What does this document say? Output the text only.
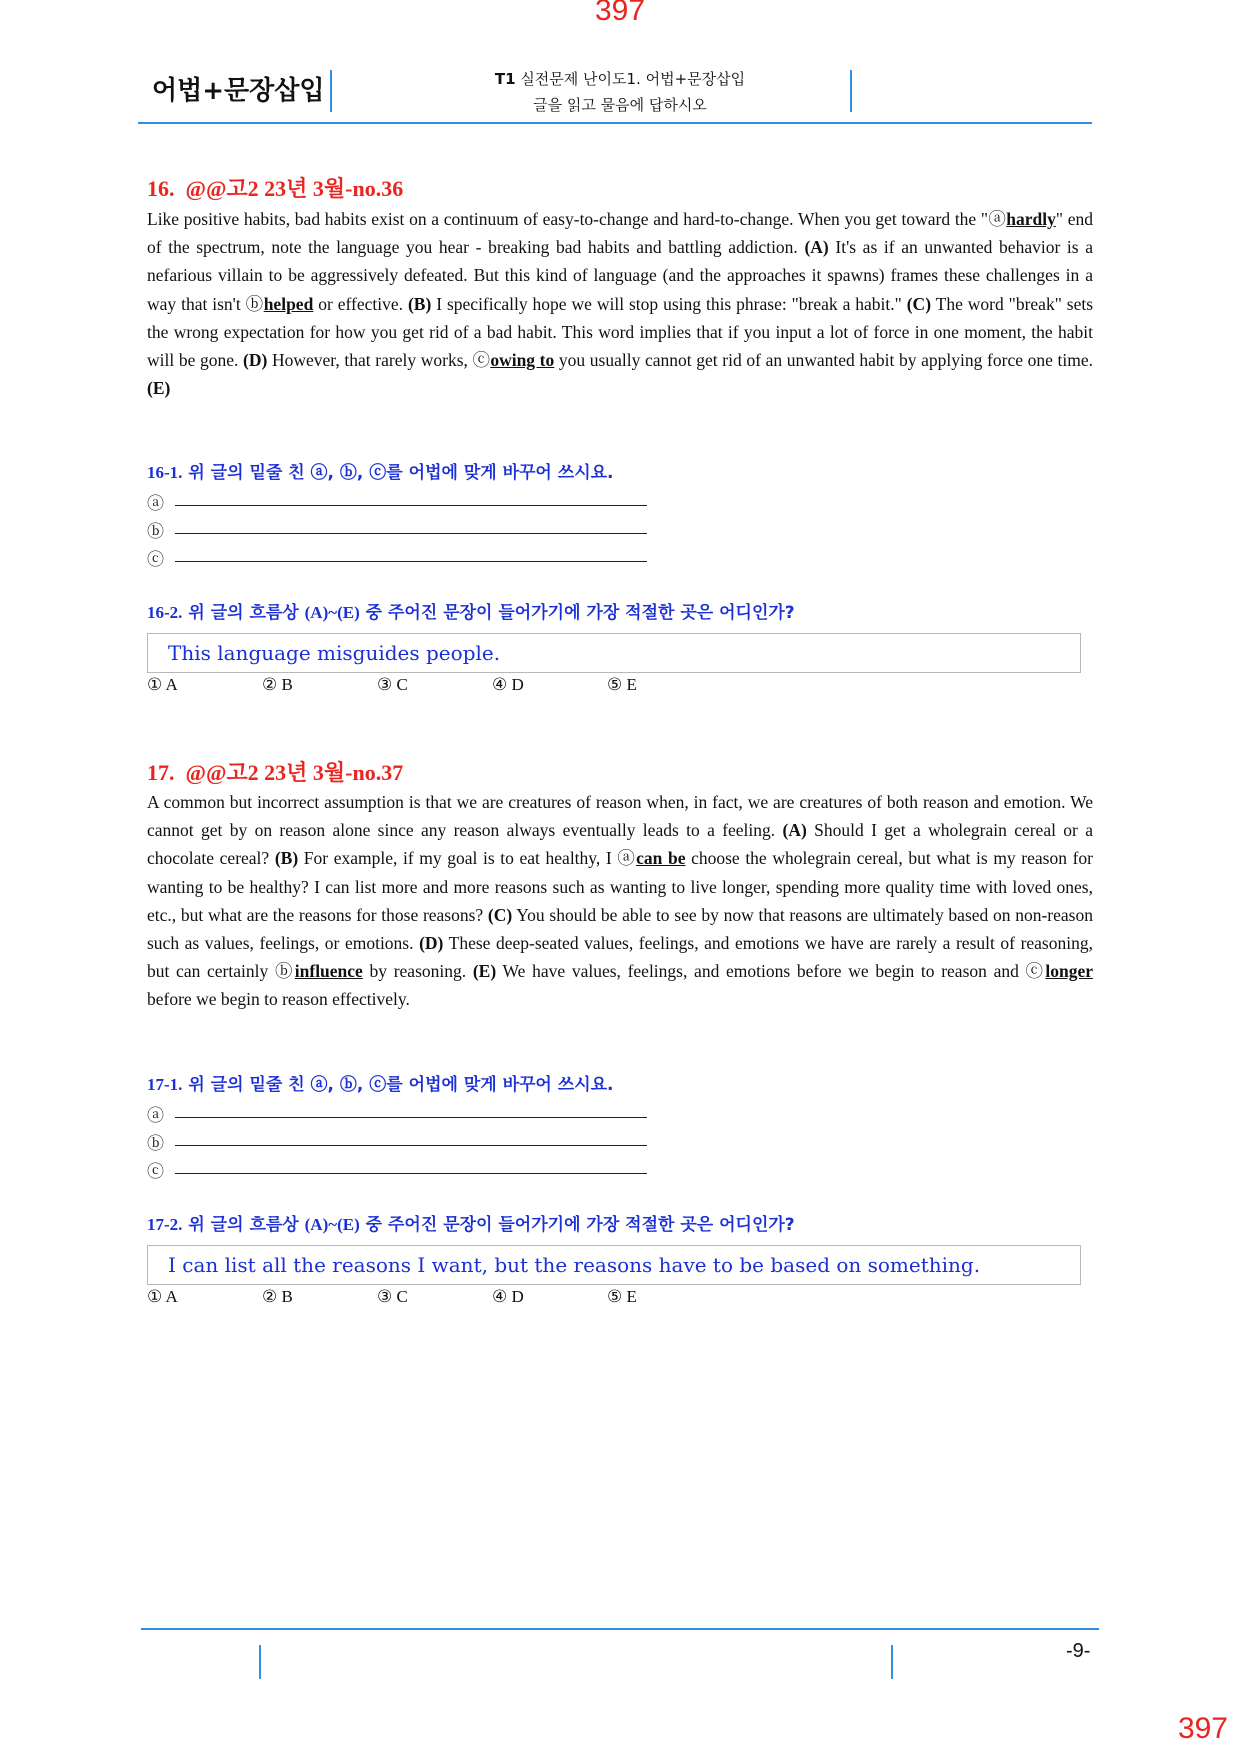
397
어법+문장삽입	T1 실전문제 난이도1. 어법+문장삽입
글을 읽고 물음에 답하시오
16. @@고2 23년 3월-no.36
Like positive habits, bad habits exist on a continuum of easy-to-change and hard-to-change. When you get toward the "ⓐhardly" end of the spectrum, note the language you hear - breaking bad habits and battling addiction. (A) It's as if an unwanted behavior is a nefarious villain to be aggressively defeated. But this kind of language (and the approaches it spawns) frames these challenges in a way that isn't ⓑhelped or effective. (B) I specifically hope we will stop using this phrase: "break a habit." (C) The word "break" sets the wrong expectation for how you get rid of a bad habit. This word implies that if you input a lot of force in one moment, the habit will be gone. (D) However, that rarely works, ⓒowing to you usually cannot get rid of an unwanted habit by applying force one time. (E)
16-1. 위 글의 밑줄 친 ⓐ, ⓑ, ⓒ를 어법에 맞게 바꾸어 쓰시요.
ⓐ
ⓑ
ⓒ
16-2. 위 글의 흐름상 (A)~(E) 중 주어진 문장이 들어가기에 가장 적절한 곳은 어디인가?
This language misguides people.
① A	② B	③ C	④ D	⑤ E
17. @@고2 23년 3월-no.37
A common but incorrect assumption is that we are creatures of reason when, in fact, we are creatures of both reason and emotion. We cannot get by on reason alone since any reason always eventually leads to a feeling. (A) Should I get a wholegrain cereal or a chocolate cereal? (B) For example, if my goal is to eat healthy, I ⓐcan be choose the wholegrain cereal, but what is my reason for wanting to be healthy? I can list more and more reasons such as wanting to live longer, spending more quality time with loved ones, etc., but what are the reasons for those reasons? (C) You should be able to see by now that reasons are ultimately based on non-reason such as values, feelings, or emotions. (D) These deep-seated values, feelings, and emotions we have are rarely a result of reasoning, but can certainly ⓑinfluence by reasoning. (E) We have values, feelings, and emotions before we begin to reason and ⓒlonger before we begin to reason effectively.
17-1. 위 글의 밑줄 친 ⓐ, ⓑ, ⓒ를 어법에 맞게 바꾸어 쓰시요.
ⓐ
ⓑ
ⓒ
17-2. 위 글의 흐름상 (A)~(E) 중 주어진 문장이 들어가기에 가장 적절한 곳은 어디인가?
I can list all the reasons I want, but the reasons have to be based on something.
① A	② B	③ C	④ D	⑤ E
-9-
397
